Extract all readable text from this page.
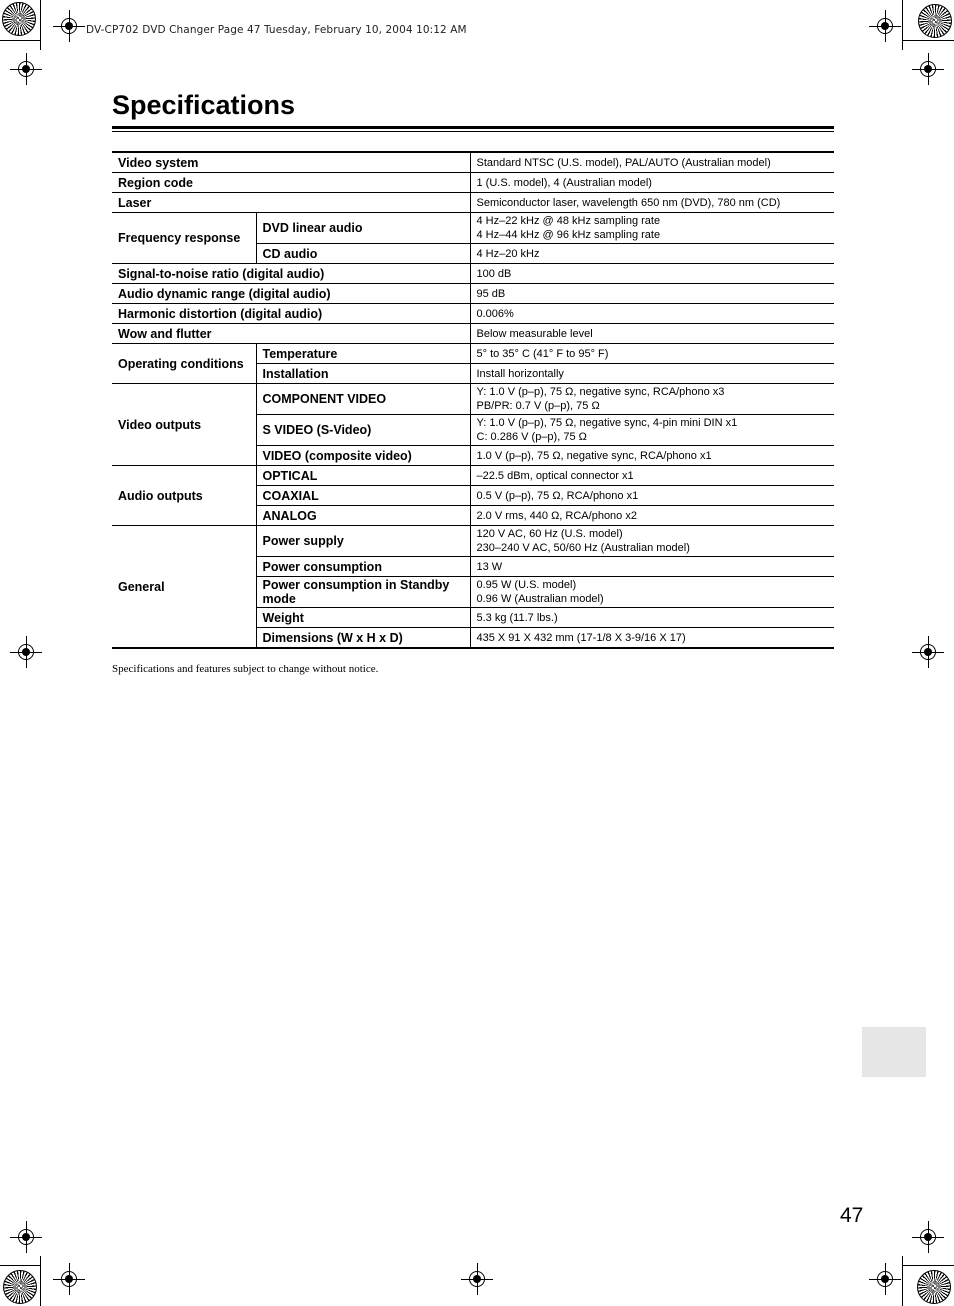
DV-CP702 DVD Changer Page 47 Tuesday, February 10, 2004 10:12 AM
Specifications
Video system		Standard NTSC (U.S. model), PAL/AUTO (Australian model)
Region code		1 (U.S. model), 4 (Australian model)
Laser		Semiconductor laser, wavelength 650 nm (DVD), 780 nm (CD)
Frequency response	DVD linear audio	4 Hz–22 kHz @ 48 kHz sampling rate
4 Hz–44 kHz @ 96 kHz sampling rate

	CD audio	4 Hz–20 kHz
Signal-to-noise ratio (digital audio)		100 dB
Audio dynamic range (digital audio)		95 dB
Harmonic distortion (digital audio)		0.006%
Wow and flutter		Below measurable level
Operating conditions	Temperature	5° to 35° C (41° F to 95° F)
	Installation	Install horizontally
Video outputs	COMPONENT VIDEO	Y: 1.0 V (p–p), 75 Ω, negative sync, RCA/phono x3
PB/PR: 0.7 V (p–p), 75 Ω

	S VIDEO (S-Video)	Y: 1.0 V (p–p), 75 Ω, negative sync, 4-pin mini DIN x1
C: 0.286 V (p–p), 75 Ω

	VIDEO (composite video)	1.0 V (p–p), 75 Ω, negative sync, RCA/phono x1
Audio outputs	OPTICAL	–22.5 dBm, optical connector x1
	COAXIAL	0.5 V (p–p), 75 Ω, RCA/phono x1
	ANALOG	2.0 V rms, 440 Ω, RCA/phono x2
General	Power supply	120 V AC, 60 Hz (U.S. model)
230–240 V AC, 50/60 Hz (Australian model)

	Power consumption	13 W
	Power consumption in Standby mode	0.95 W (U.S. model)
0.96 W (Australian model)

	Weight	5.3 kg (11.7 lbs.)
	Dimensions (W x H x D)	435 X 91 X 432 mm (17-1/8 X 3-9/16 X 17)
Specifications and features subject to change without notice.
47
